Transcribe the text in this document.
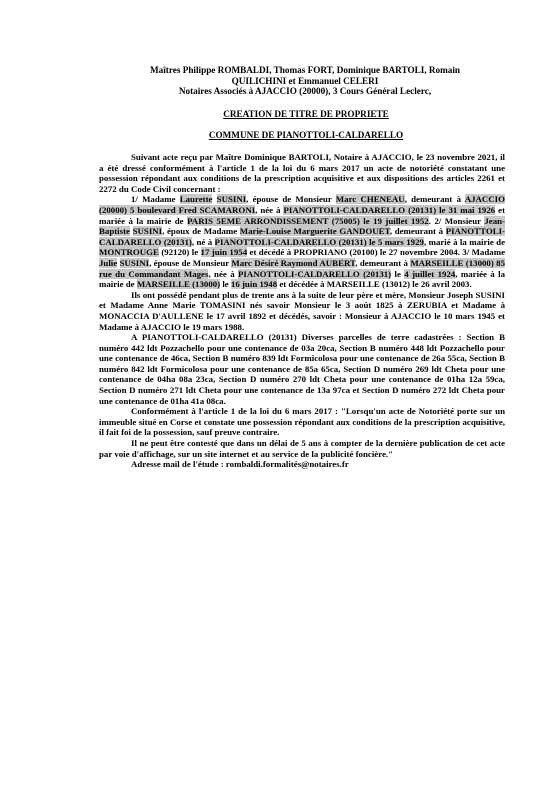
Maîtres Philippe ROMBALDI, Thomas FORT, Dominique BARTOLI, Romain
QUILICHINI et Emmanuel CELERI
Notaires Associés à AJACCIO (20000), 3 Cours Général Leclerc,
CREATION DE TITRE DE PROPRIETE
COMMUNE DE PIANOTTOLI-CALDARELLO

Suivant acte reçu par Maître Dominique BARTOLI, Notaire à AJACCIO, le 23 novembre 2021, il a été dressé conformément à l'article 1 de la loi du 6 mars 2017 un acte de notoriété constatant une possession répondant aux conditions de la prescription acquisitive et aux dispositions des articles 2261 et 2272 du Code Civil concernant :

1/ Madame Laurette SUSINI, épouse de Monsieur Marc CHENEAU, demeurant à AJACCIO (20000) 5 boulevard Fred SCAMARONI, née à PIANOTTOLI-CALDARELLO (20131) le 31 mai 1926 et mariée à la mairie de PARIS 5EME ARRONDISSEMENT (75005) le 19 juillet 1952. 2/ Monsieur Jean-Baptiste SUSINI, époux de Madame Marie-Louise Marguerite GANDOUET, demeurant à PIANOTTOLI-CALDARELLO (20131), né à PIANOTTOLI-CALDARELLO (20131) le 5 mars 1929, marié à la mairie de MONTROUGE (92120) le 17 juin 1954 et décédé à PROPRIANO (20100) le 27 novembre 2004. 3/ Madame Julie SUSINI, épouse de Monsieur Marc Désiré Raymond AUBERT, demeurant à MARSEILLE (13000) 85 rue du Commandant Mages, née à PIANOTTOLI-CALDARELLO (20131) le 4 juillet 1924, mariée à la mairie de MARSEILLE (13000) le 16 juin 1948 et décédée à MARSEILLE (13012) le 26 avril 2003.

Ils ont possédé pendant plus de trente ans à la suite de leur père et mère, Monsieur Joseph SUSINI et Madame Anne Marie TOMASINI nés savoir Monsieur le 3 août 1825 à ZERUBIA et Madame à MONACCIA D'AULLENE le 17 avril 1892 et décédés, savoir : Monsieur à AJACCIO le 10 mars 1945 et Madame à AJACCIO le 19 mars 1988.

A PIANOTTOLI-CALDARELLO (20131) Diverses parcelles de terre cadastrées : Section B numéro 442 ldt Pozzachello pour une contenance de 03a 20ca, Section B numéro 448 ldt Pozzachello pour une contenance de 46ca, Section B numéro 839 ldt Formicolosa pour une contenance de 26a 55ca, Section B numéro 842 ldt Formicolosa pour une contenance de 85a 65ca, Section D numéro 269 ldt Cheta pour une contenance de 04ha 08a 23ca, Section D numéro 270 ldt Cheta pour une contenance de 01ha 12a 59ca, Section D numéro 271 ldt Cheta pour une contenance de 13a 97ca et Section D numéro 272 ldt Cheta pour une contenance de 01ha 41a 08ca.

Conformément à l'article 1 de la loi du 6 mars 2017 : "Lorsqu'un acte de Notoriété porte sur un immeuble situé en Corse et constate une possession répondant aux conditions de la prescription acquisitive, il fait foi de la possession, sauf preuve contraire.

Il ne peut être contesté que dans un délai de 5 ans à compter de la dernière publication de cet acte par voie d'affichage, sur un site internet et au service de la publicité foncière."

Adresse mail de l'étude : rombaldi.formalités@notaires.fr
